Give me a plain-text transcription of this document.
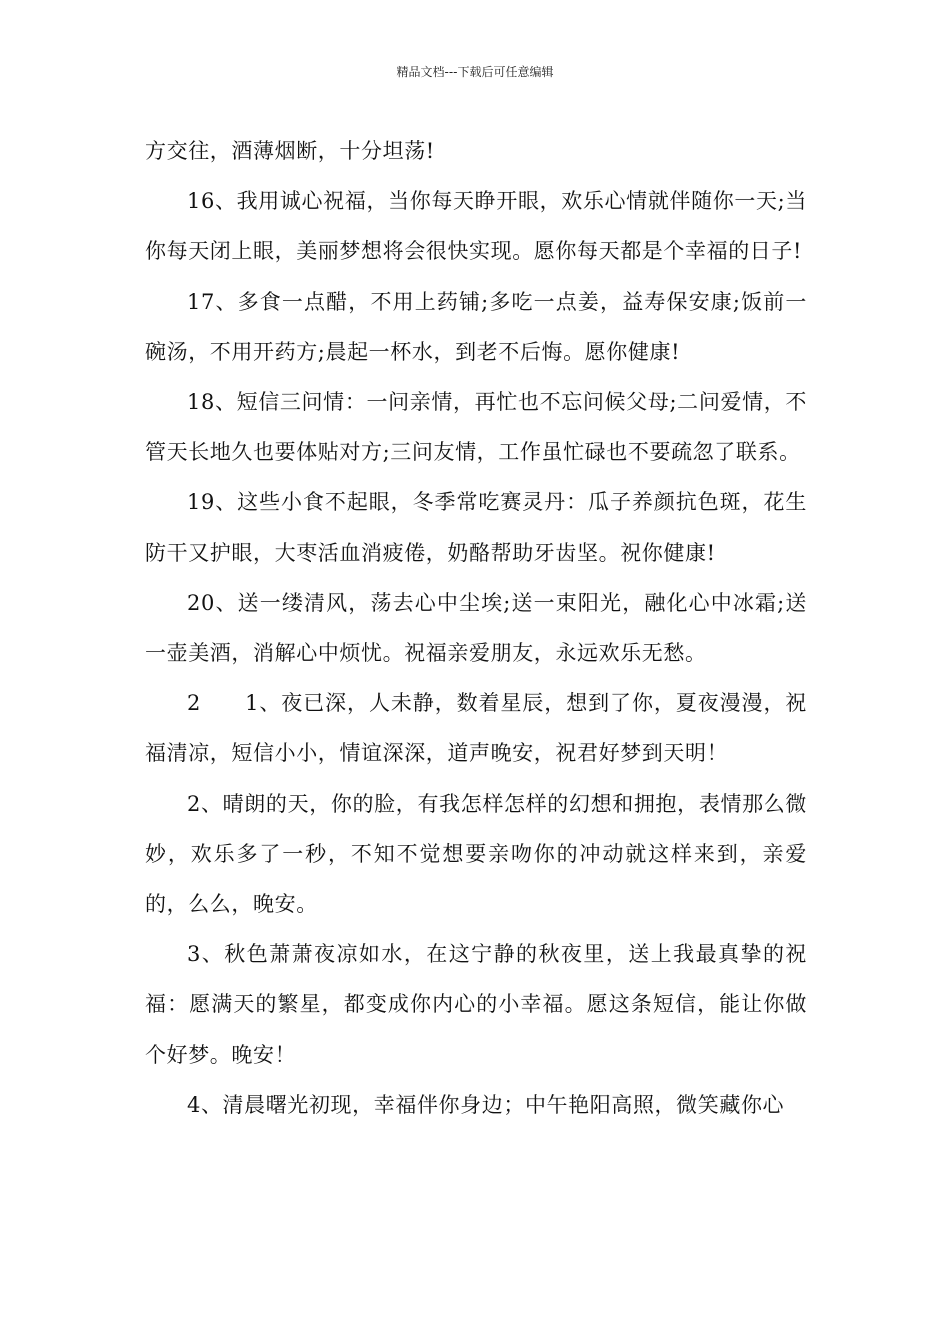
精品文档---下载后可任意编辑

方交往，酒薄烟断，十分坦荡!

16、我用诚心祝福，当你每天睁开眼，欢乐心情就伴随你一天;当你每天闭上眼，美丽梦想将会很快实现。愿你每天都是个幸福的日子!

17、多食一点醋，不用上药铺;多吃一点姜，益寿保安康;饭前一碗汤，不用开药方;晨起一杯水，到老不后悔。愿你健康!

18、短信三问情：一问亲情，再忙也不忘问候父母;二问爱情，不管天长地久也要体贴对方;三问友情，工作虽忙碌也不要疏忽了联系。

19、这些小食不起眼，冬季常吃赛灵丹：瓜子养颜抗色斑，花生防干又护眼，大枣活血消疲倦，奶酪帮助牙齿坚。祝你健康!

20、送一缕清风，荡去心中尘埃;送一束阳光，融化心中冰霜;送一壶美酒，消解心中烦忧。祝福亲爱朋友，永远欢乐无愁。

2　　1、夜已深，人未静，数着星辰，想到了你，夏夜漫漫，祝福清凉，短信小小，情谊深深，道声晚安，祝君好梦到天明！

2、晴朗的天，你的脸，有我怎样怎样的幻想和拥抱，表情那么微妙，欢乐多了一秒，不知不觉想要亲吻你的冲动就这样来到，亲爱的，么么，晚安。

3、秋色萧萧夜凉如水，在这宁静的秋夜里，送上我最真挚的祝福：愿满天的繁星，都变成你内心的小幸福。愿这条短信，能让你做个好梦。晚安！

4、清晨曙光初现，幸福伴你身边；中午艳阳高照，微笑藏你心
